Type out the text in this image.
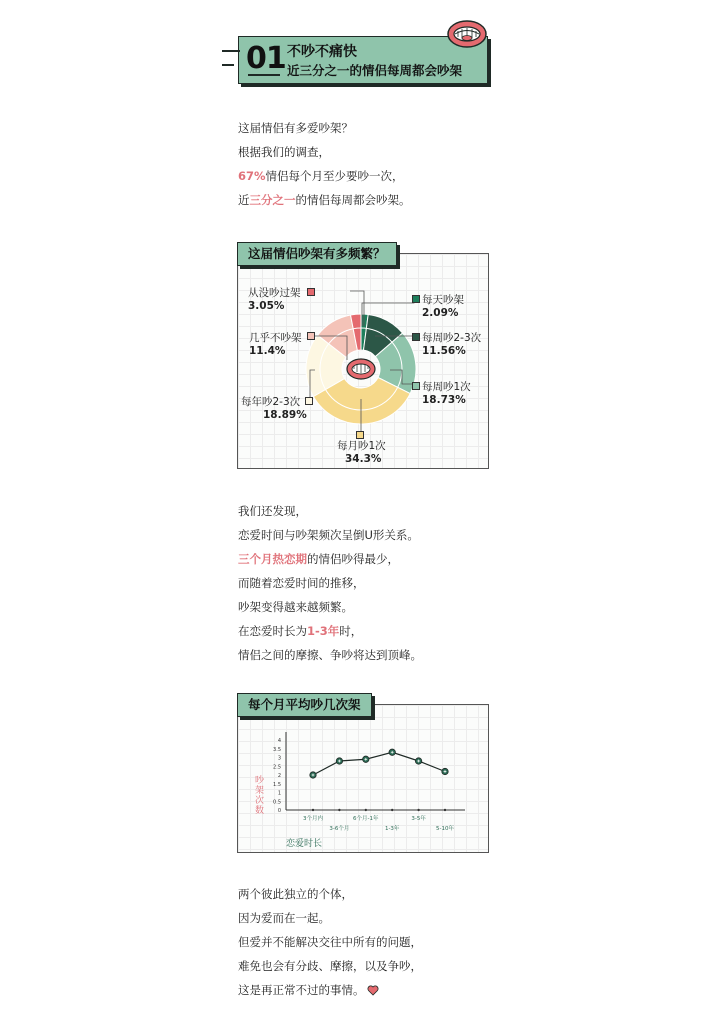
01 不吵不痛快
近三分之一的情侣每周都会吵架
这届情侣有多爱吵架？
根据我们的调查，
67%情侣每个月至少要吵一次，
近三分之一的情侣每周都会吵架。
这届情侣吵架有多频繁？
从没吵过架
3.05%
几乎不吵架
11.4%
每年吵2-3次
18.89%
每月吵1次
34.3%
每天吵架
2.09%
每周吵2-3次
11.56%
每周吵1次
18.73%
我们还发现，
恋爱时间与吵架频次呈倒U形关系。
三个月热恋期的情侣吵得最少，
而随着恋爱时间的推移，
吵架变得越来越频繁。
在恋爱时长为1-3年时，
情侣之间的摩擦、争吵将达到顶峰。
每个月平均吵几次架
0
0.5
1
1.5
2
2.5
3
3.5
4
3个月内
3-6个月
6个月-1年
1-3年
3-5年
5-10年
吵架次数
恋爱时长
两个彼此独立的个体，
因为爱而在一起。
但爱并不能解决交往中所有的问题，
难免也会有分歧、摩擦，以及争吵，
这是再正常不过的事情。
